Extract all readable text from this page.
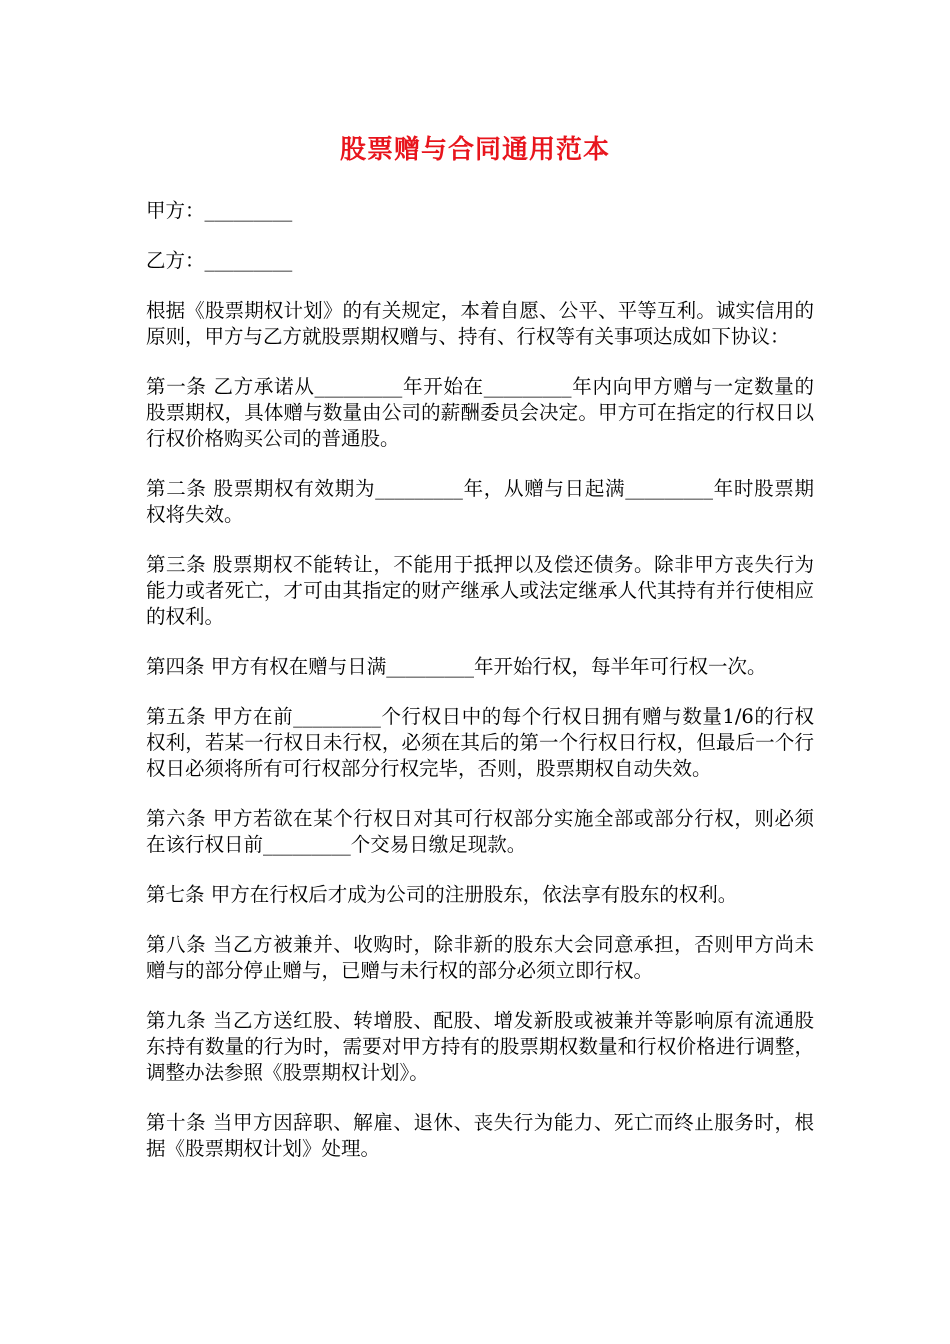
股票赠与合同通用范本

甲方：_________

乙方：_________

根据《股票期权计划》的有关规定，本着自愿、公平、平等互利。诚实信用的原则，甲方与乙方就股票期权赠与、持有、行权等有关事项达成如下协议：

第一条 乙方承诺从_________年开始在_________年内向甲方赠与一定数量的股票期权，具体赠与数量由公司的薪酬委员会决定。甲方可在指定的行权日以行权价格购买公司的普通股。

第二条 股票期权有效期为_________年，从赠与日起满_________年时股票期权将失效。

第三条 股票期权不能转让，不能用于抵押以及偿还债务。除非甲方丧失行为能力或者死亡，才可由其指定的财产继承人或法定继承人代其持有并行使相应的权利。

第四条 甲方有权在赠与日满_________年开始行权，每半年可行权一次。

第五条 甲方在前_________个行权日中的每个行权日拥有赠与数量1/6的行权权利，若某一行权日未行权，必须在其后的第一个行权日行权，但最后一个行权日必须将所有可行权部分行权完毕，否则，股票期权自动失效。

第六条 甲方若欲在某个行权日对其可行权部分实施全部或部分行权，则必须在该行权日前_________个交易日缴足现款。

第七条 甲方在行权后才成为公司的注册股东，依法享有股东的权利。

第八条 当乙方被兼并、收购时，除非新的股东大会同意承担，否则甲方尚未赠与的部分停止赠与，已赠与未行权的部分必须立即行权。

第九条 当乙方送红股、转增股、配股、增发新股或被兼并等影响原有流通股东持有数量的行为时，需要对甲方持有的股票期权数量和行权价格进行调整，调整办法参照《股票期权计划》。

第十条 当甲方因辞职、解雇、退休、丧失行为能力、死亡而终止服务时，根据《股票期权计划》处理。
